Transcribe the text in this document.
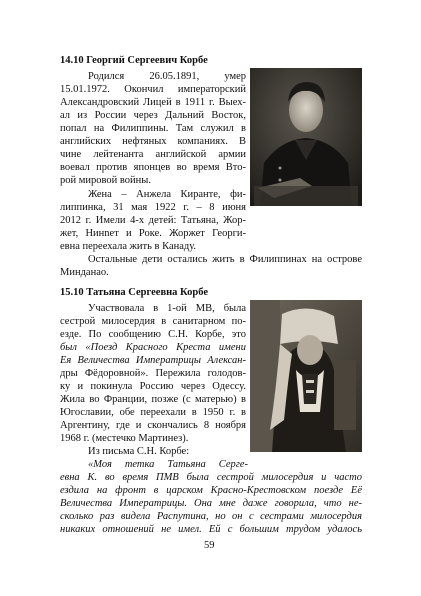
14.10 Георгий Сергеевич Корбе
Родился 26.05.1891, умер
15.01.1972. Окончил императорский
Александровский Лицей в 1911 г. Выех-
ал из России через Дальний Восток,
попал на Филиппины. Там служил в
английских нефтяных компаниях. В
чине лейтенанта английской армии
воевал против японцев во время Вто-
рой мировой войны.
Жена – Анжела Киранте, фи-
липпинка, 31 мая 1922 г. – 8 июня
2012 г. Имели 4-х детей: Татьяна, Жор-
жет, Нинnет и Роке. Жоржет Георги-
евна переехала жить в Канаду.
Остальные дети остались жить в Филиппинах на острове
Минданао.
15.10 Татьяна Сергеевна Корбе
Участвовала в 1-ой МВ, была
сестрой милосердия в санитарном по-
езде. По сообщению С.Н. Корбе, это
был «Поезд Красного Креста имени
Ея Величества Императрицы Алексан-
дры Фёдоровной». Пережила голодов-
ку и покинула Россию через Одессу.
Жила во Франции, позже (с матерью) в
Югославии, обе переехали в 1950 г. в
Аргентину, где и скончались 8 ноября
1968 г. (местечко Мартинез).
Из письма С.Н. Корбе:
«Моя тетка Татьяна Серге-
евна К. во время ПМВ была сестрой милосердия и часто
ездила на фронт в царском Красно-Крестовском поезде Её
Величества Императрицы. Она мне даже говорила, что не-
сколько раз видела Распутина, но он с сестрами милосердия
никаких отношений не имел. Ей с большим трудом удалось
59
